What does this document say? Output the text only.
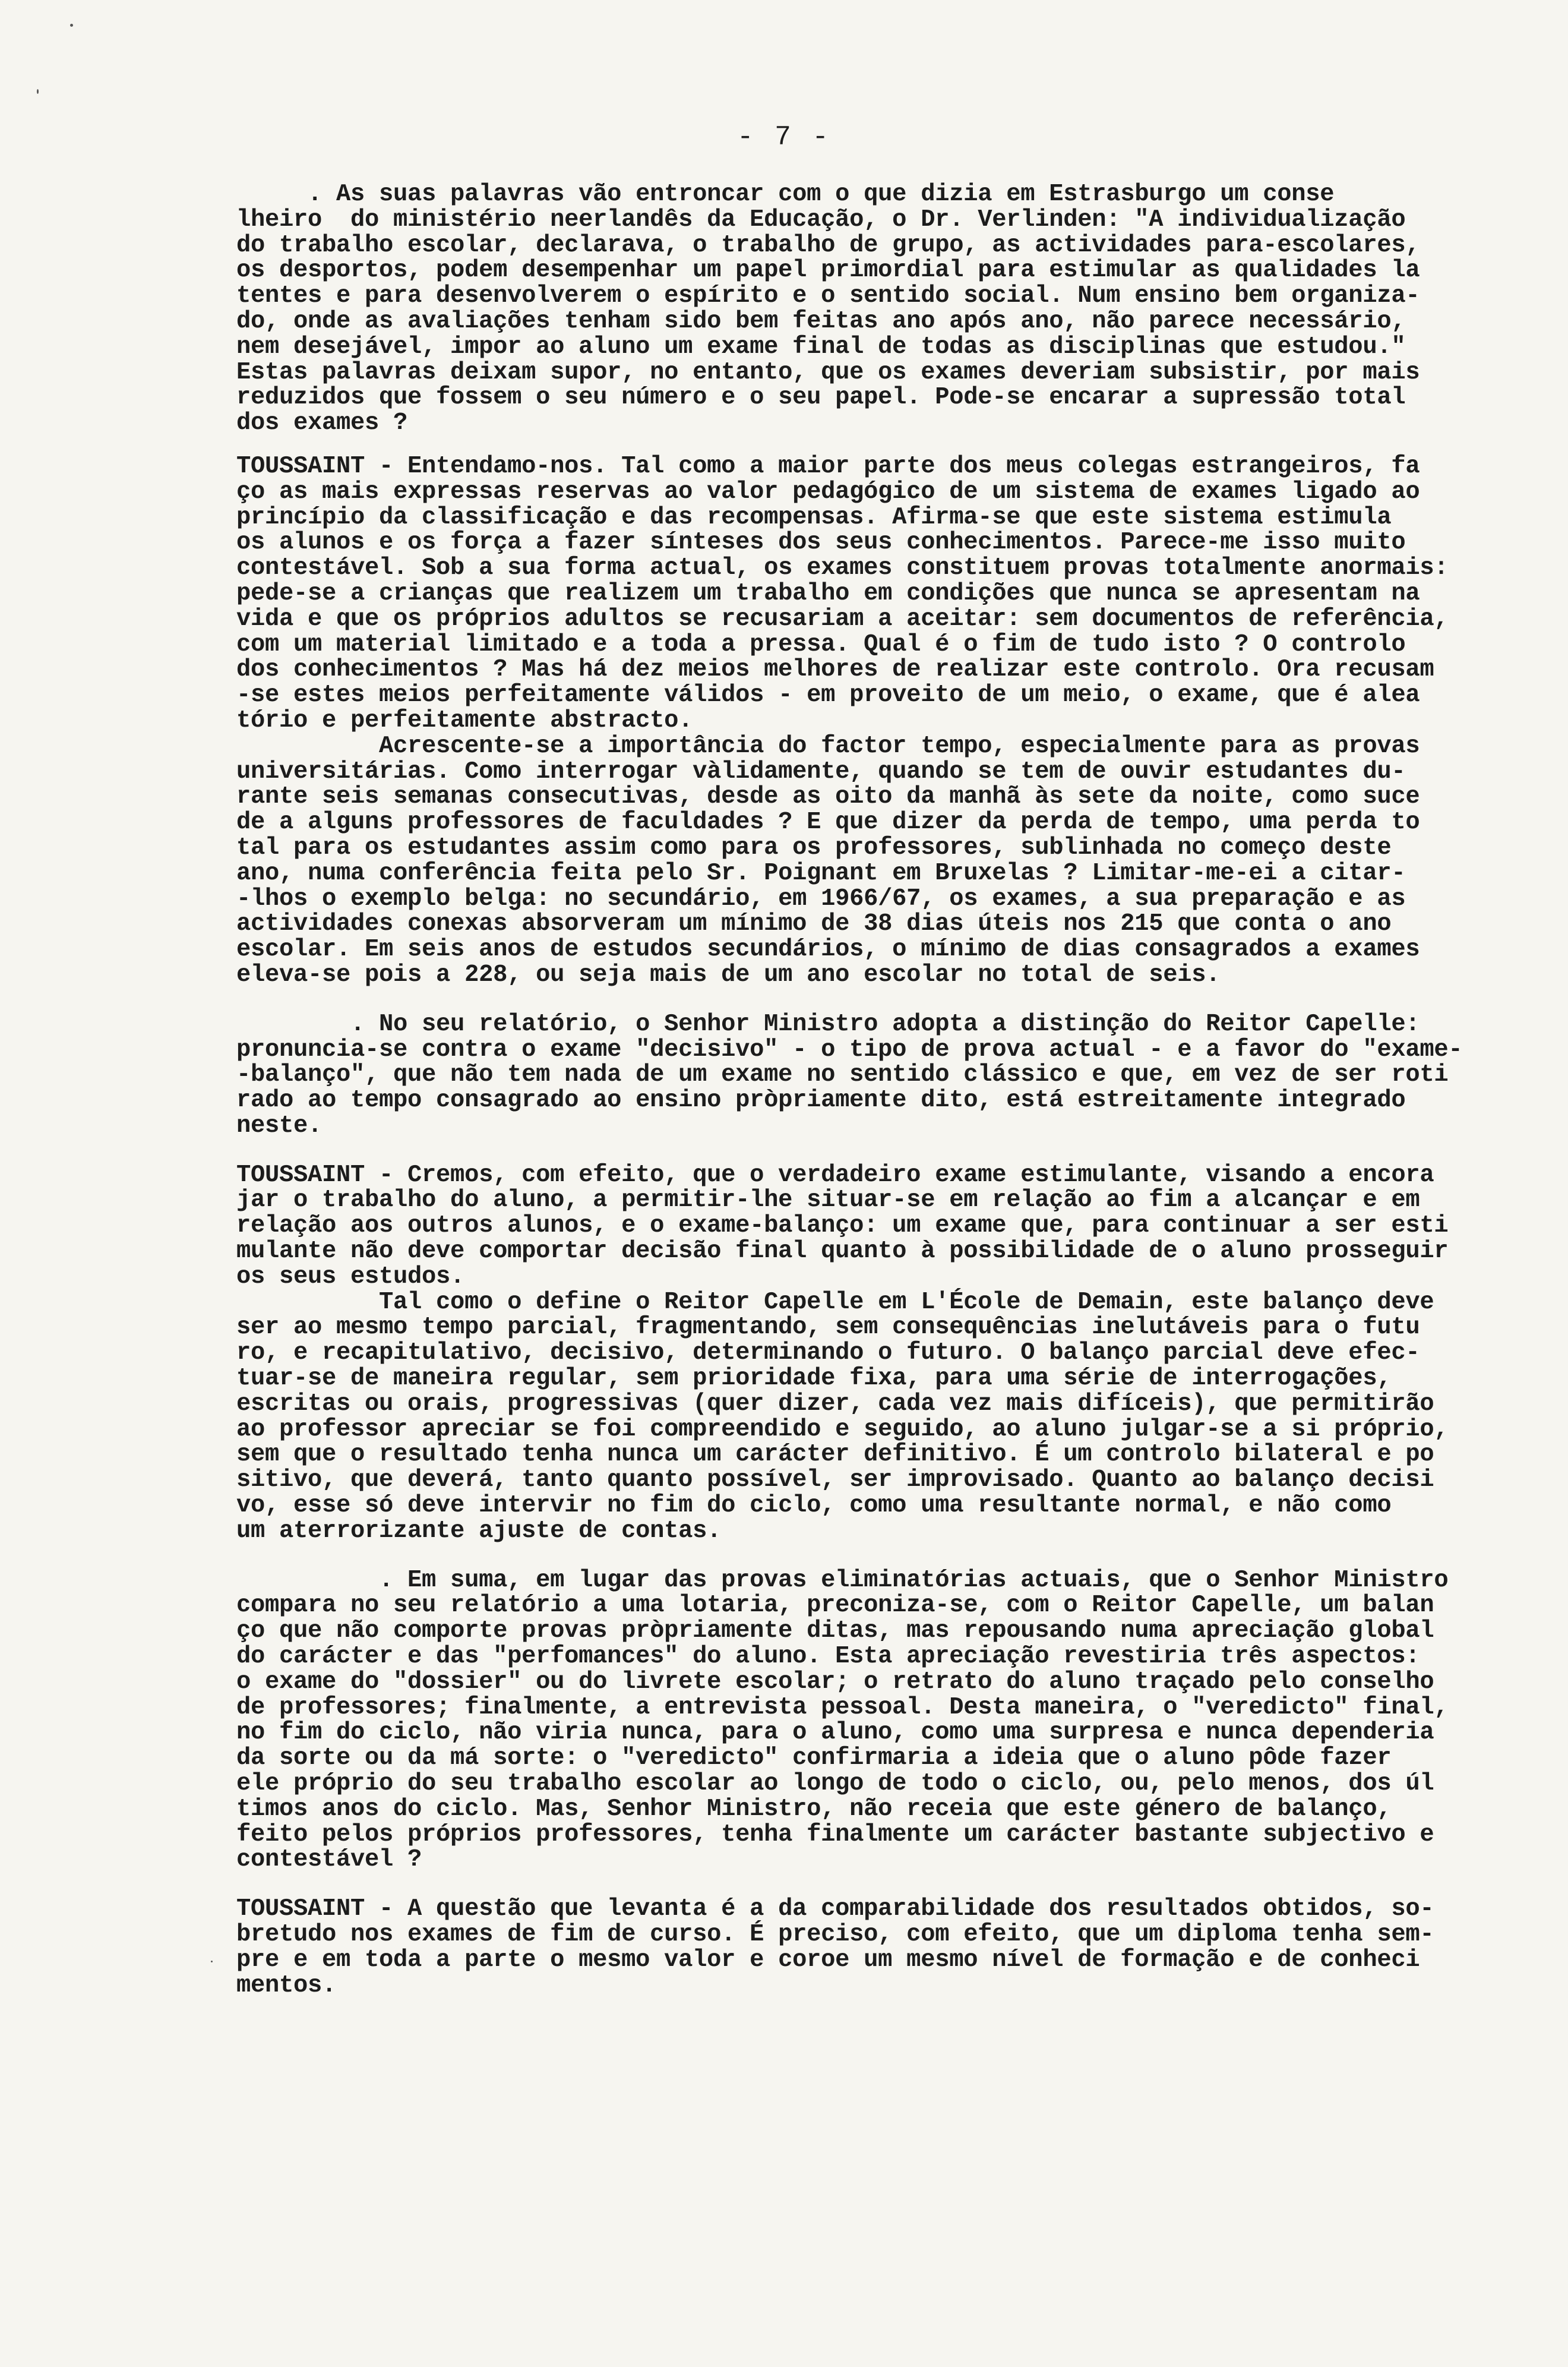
- 7 -
. As suas palavras vão entroncar com o que dizia em Estrasburgo um conse
lheiro  do ministério neerlandês da Educação, o Dr. Verlinden: "A individualização
do trabalho escolar, declarava, o trabalho de grupo, as actividades para-escolares,
os desportos, podem desempenhar um papel primordial para estimular as qualidades la
tentes e para desenvolverem o espírito e o sentido social. Num ensino bem organiza-
do, onde as avaliações tenham sido bem feitas ano após ano, não parece necessário,
nem desejável, impor ao aluno um exame final de todas as disciplinas que estudou."
Estas palavras deixam supor, no entanto, que os exames deveriam subsistir, por mais
reduzidos que fossem o seu número e o seu papel. Pode-se encarar a supressão total
dos exames ?
TOUSSAINT - Entendamo-nos. Tal como a maior parte dos meus colegas estrangeiros, fa
ço as mais expressas reservas ao valor pedagógico de um sistema de exames ligado ao
princípio da classificação e das recompensas. Afirma-se que este sistema estimula
os alunos e os força a fazer sínteses dos seus conhecimentos. Parece-me isso muito
contestável. Sob a sua forma actual, os exames constituem provas totalmente anormais:
pede-se a crianças que realizem um trabalho em condições que nunca se apresentam na
vida e que os próprios adultos se recusariam a aceitar: sem documentos de referência,
com um material limitado e a toda a pressa. Qual é o fim de tudo isto ? O controlo
dos conhecimentos ? Mas há dez meios melhores de realizar este controlo. Ora recusam
-se estes meios perfeitamente válidos - em proveito de um meio, o exame, que é alea
tório e perfeitamente abstracto.
Acrescente-se a importância do factor tempo, especialmente para as provas
universitárias. Como interrogar vàlidamente, quando se tem de ouvir estudantes du-
rante seis semanas consecutivas, desde as oito da manhã às sete da noite, como suce
de a alguns professores de faculdades ? E que dizer da perda de tempo, uma perda to
tal para os estudantes assim como para os professores, sublinhada no começo deste
ano, numa conferência feita pelo Sr. Poignant em Bruxelas ? Limitar-me-ei a citar-
-lhos o exemplo belga: no secundário, em 1966/67, os exames, a sua preparação e as
actividades conexas absorveram um mínimo de 38 dias úteis nos 215 que conta o ano
escolar. Em seis anos de estudos secundários, o mínimo de dias consagrados a exames
eleva-se pois a 228, ou seja mais de um ano escolar no total de seis.
. No seu relatório, o Senhor Ministro adopta a distinção do Reitor Capelle:
pronuncia-se contra o exame "decisivo" - o tipo de prova actual - e a favor do "exame-
-balanço", que não tem nada de um exame no sentido clássico e que, em vez de ser roti
rado ao tempo consagrado ao ensino pròpriamente dito, está estreitamente integrado
neste.
TOUSSAINT - Cremos, com efeito, que o verdadeiro exame estimulante, visando a encora
jar o trabalho do aluno, a permitir-lhe situar-se em relação ao fim a alcançar e em
relação aos outros alunos, e o exame-balanço: um exame que, para continuar a ser esti
mulante não deve comportar decisão final quanto à possibilidade de o aluno prosseguir
os seus estudos.
Tal como o define o Reitor Capelle em L'École de Demain, este balanço deve
ser ao mesmo tempo parcial, fragmentando, sem consequências inelutáveis para o futu
ro, e recapitulativo, decisivo, determinando o futuro. O balanço parcial deve efec-
tuar-se de maneira regular, sem prioridade fixa, para uma série de interrogações,
escritas ou orais, progressivas (quer dizer, cada vez mais difíceis), que permitirão
ao professor apreciar se foi compreendido e seguido, ao aluno julgar-se a si próprio,
sem que o resultado tenha nunca um carácter definitivo. É um controlo bilateral e po
sitivo, que deverá, tanto quanto possível, ser improvisado. Quanto ao balanço decisi
vo, esse só deve intervir no fim do ciclo, como uma resultante normal, e não como
um aterrorizante ajuste de contas.
. Em suma, em lugar das provas eliminatórias actuais, que o Senhor Ministro
compara no seu relatório a uma lotaria, preconiza-se, com o Reitor Capelle, um balan
ço que não comporte provas pròpriamente ditas, mas repousando numa apreciação global
do carácter e das "perfomances" do aluno. Esta apreciação revestiria três aspectos:
o exame do "dossier" ou do livrete escolar; o retrato do aluno traçado pelo conselho
de professores; finalmente, a entrevista pessoal. Desta maneira, o "veredicto" final,
no fim do ciclo, não viria nunca, para o aluno, como uma surpresa e nunca dependeria
da sorte ou da má sorte: o "veredicto" confirmaria a ideia que o aluno pôde fazer
ele próprio do seu trabalho escolar ao longo de todo o ciclo, ou, pelo menos, dos úl
timos anos do ciclo. Mas, Senhor Ministro, não receia que este género de balanço,
feito pelos próprios professores, tenha finalmente um carácter bastante subjectivo e
contestável ?
TOUSSAINT - A questão que levanta é a da comparabilidade dos resultados obtidos, so-
bretudo nos exames de fim de curso. É preciso, com efeito, que um diploma tenha sem-
pre e em toda a parte o mesmo valor e coroe um mesmo nível de formação e de conheci
mentos.
